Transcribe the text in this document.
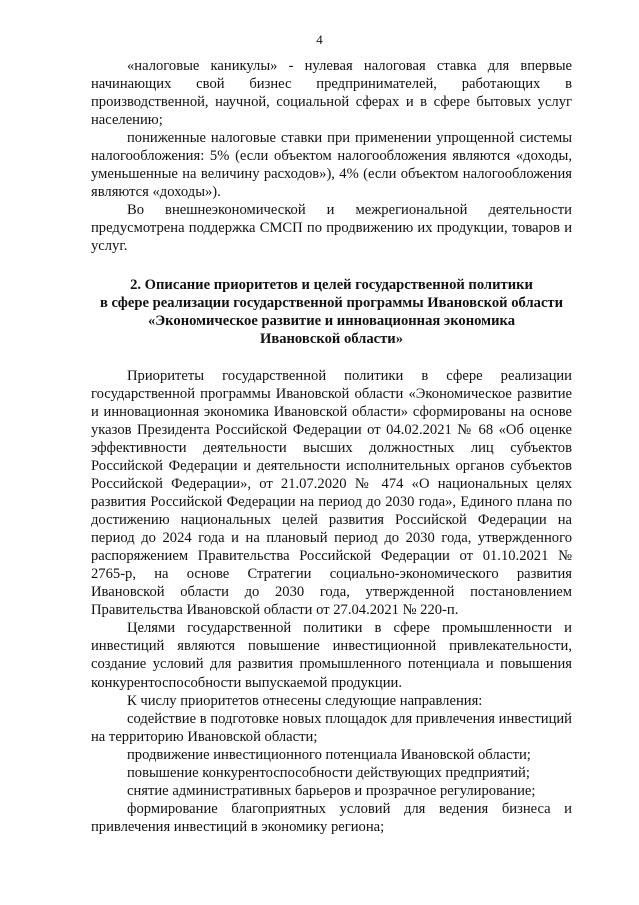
4

«налоговые каникулы» - нулевая налоговая ставка для впервые начинающих свой бизнес предпринимателей, работающих в производственной, научной, социальной сферах и в сфере бытовых услуг населению;

пониженные налоговые ставки при применении упрощенной системы налогообложения: 5% (если объектом налогообложения являются «доходы, уменьшенные на величину расходов»), 4% (если объектом налогообложения являются «доходы»).

Во внешнеэкономической и межрегиональной деятельности предусмотрена поддержка СМСП по продвижению их продукции, товаров и услуг.

2. Описание приоритетов и целей государственной политики
в сфере реализации государственной программы Ивановской области
«Экономическое развитие и инновационная экономика
Ивановской области»

Приоритеты государственной политики в сфере реализации государственной программы Ивановской области «Экономическое развитие и инновационная экономика Ивановской области» сформированы на основе указов Президента Российской Федерации от 04.02.2021 № 68 «Об оценке эффективности деятельности высших должностных лиц субъектов Российской Федерации и деятельности исполнительных органов субъектов Российской Федерации», от 21.07.2020 № 474 «О национальных целях развития Российской Федерации на период до 2030 года», Единого плана по достижению национальных целей развития Российской Федерации на период до 2024 года и на плановый период до 2030 года, утвержденного распоряжением Правительства Российской Федерации от 01.10.2021 № 2765-р, на основе Стратегии социально-экономического развития Ивановской области до 2030 года, утвержденной постановлением Правительства Ивановской области от 27.04.2021 № 220-п.

Целями государственной политики в сфере промышленности и инвестиций являются повышение инвестиционной привлекательности, создание условий для развития промышленного потенциала и повышения конкурентоспособности выпускаемой продукции.

К числу приоритетов отнесены следующие направления:

содействие в подготовке новых площадок для привлечения инвестиций на территорию Ивановской области;

продвижение инвестиционного потенциала Ивановской области;

повышение конкурентоспособности действующих предприятий;

снятие административных барьеров и прозрачное регулирование;

формирование благоприятных условий для ведения бизнеса и привлечения инвестиций в экономику региона;
